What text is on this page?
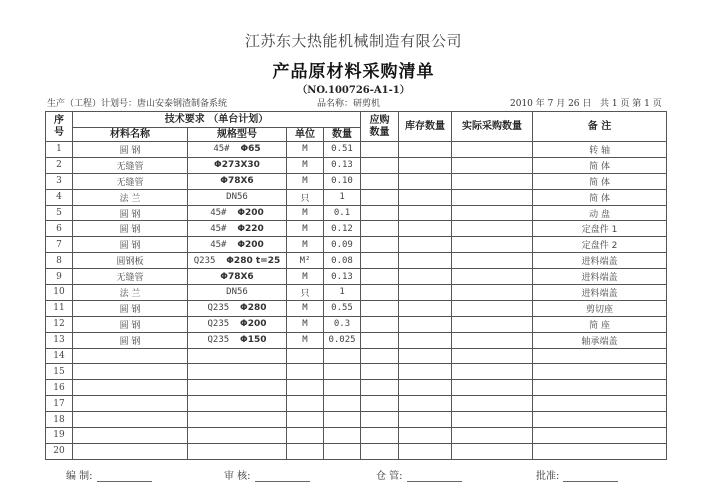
江苏东大热能机械制造有限公司
产品原材料采购清单
（NO.100726-A1-1）
生产（工程）计划号：唐山安泰钢渣制备系统	品名称：研剪机	2010 年 7 月 26 日 共 1 页 第 1 页
序号	技术要求 （单台计划）				应购数量	库存数量	实际采购数量	备 注
	材料名称	规格型号	单位	数量				
1	圆 钢	45# Φ65	M	0.51				转 轴
2	无缝管	Φ273X30	M	0.13				简 体
3	无缝管	Φ78X6	M	0.10				简 体
4	法 兰	DN56	只	1				简 体
5	圆 钢	45# Φ200	M	0.1				动 盘
6	圆 钢	45# Φ220	M	0.12				定盘件 1
7	圆 钢	45# Φ200	M	0.09				定盘件 2
8	圆钢板	Q235 Φ280 t=25	M²	0.08				进料端盖
9	无缝管	Φ78X6	M	0.13				进料端盖
10	法 兰	DN56	只	1				进料端盖
11	圆 钢	Q235 Φ280	M	0.55				剪切座
12	圆 钢	Q235 Φ200	M	0.3				简 座
13	圆 钢	Q235 Φ150	M	0.025				轴承端盖
14								
15								
16								
17								
18								
19								
20								
编 制:	审 核:	仓 管:	批准:
